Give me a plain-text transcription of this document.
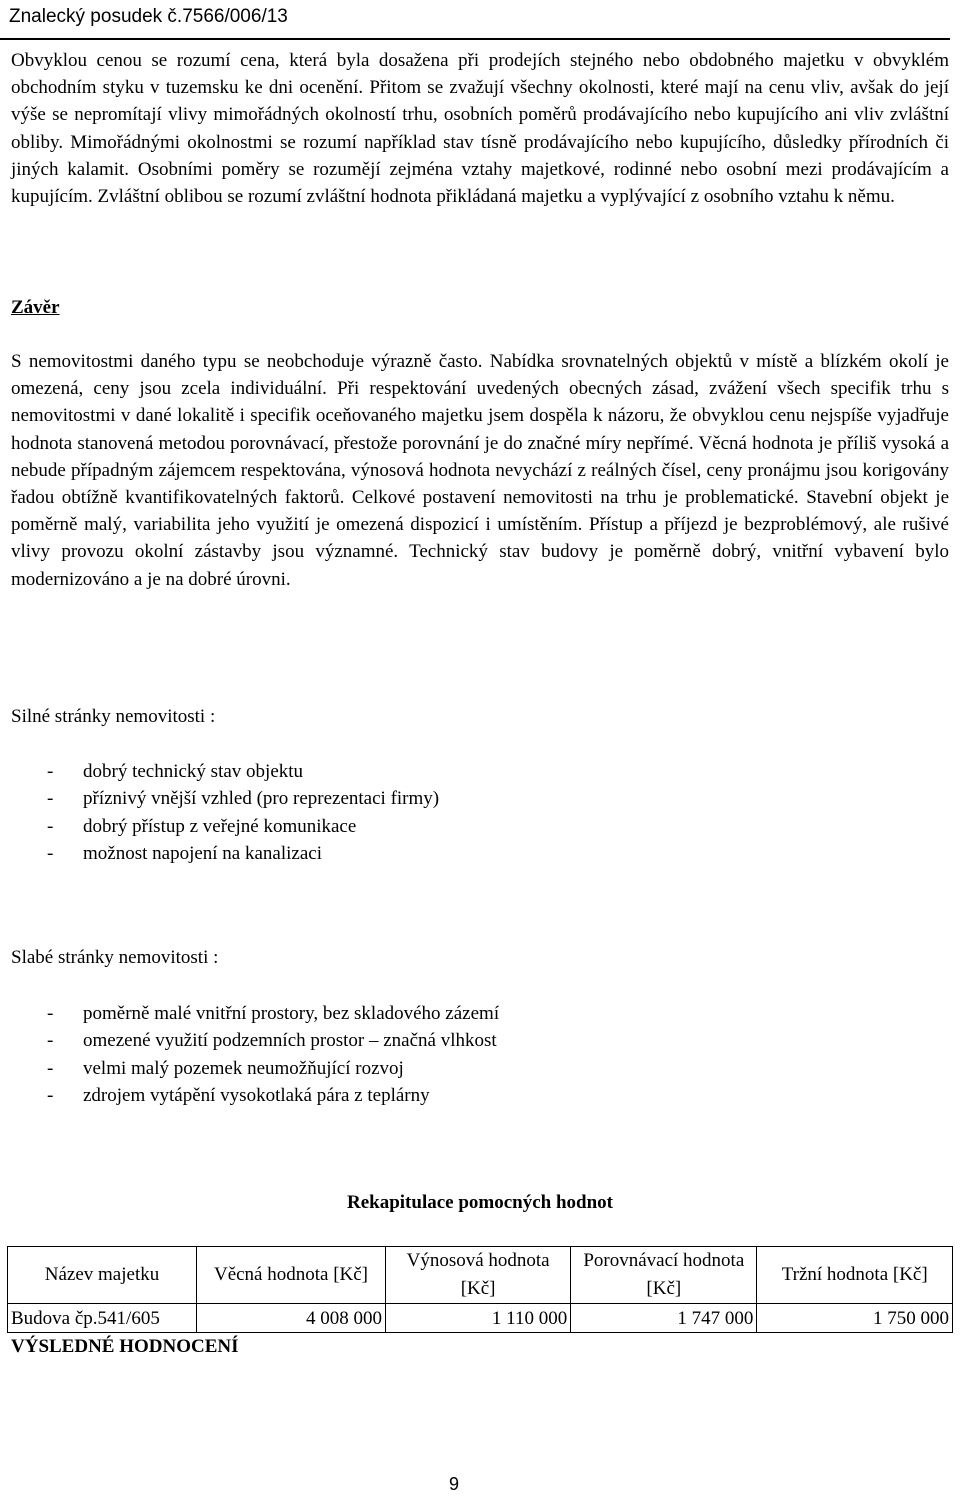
Znalecký posudek č.7566/006/13

Obvyklou cenou se rozumí cena, která byla dosažena při prodejích stejného nebo obdobného majetku v obvyklém obchodním styku v tuzemsku ke dni ocenění. Přitom se zvažují všechny okolnosti, které mají na cenu vliv, avšak do její výše se nepromítají vlivy mimořádných okolností trhu, osobních poměrů prodávajícího nebo kupujícího ani vliv zvláštní obliby. Mimořádnými okolnostmi se rozumí například stav tísně prodávajícího nebo kupujícího, důsledky přírodních či jiných kalamit. Osobními poměry se rozumějí zejména vztahy majetkové, rodinné nebo osobní mezi prodávajícím a kupujícím. Zvláštní oblibou se rozumí zvláštní hodnota přikládaná majetku a vyplývající z osobního vztahu k němu.

Závěr

S nemovitostmi daného typu se neobchoduje výrazně často. Nabídka srovnatelných objektů v místě a blízkém okolí je omezená, ceny jsou zcela individuální. Při respektování uvedených obecných zásad, zvážení všech specifik trhu s nemovitostmi v dané lokalitě i specifik oceňovaného majetku jsem dospěla k názoru, že obvyklou cenu nejspíše vyjadřuje hodnota stanovená metodou porovnávací, přestože porovnání je do značné míry nepřímé. Věcná hodnota je příliš vysoká a nebude případným zájemcem respektována, výnosová hodnota nevychází z reálných čísel, ceny pronájmu jsou korigovány řadou obtížně kvantifikovatelných faktorů. Celkové postavení nemovitosti na trhu je problematické. Stavební objekt je poměrně malý, variabilita jeho využití je omezená dispozicí i umístěním. Přístup a příjezd je bezproblémový, ale rušivé vlivy provozu okolní zástavby jsou významné. Technický stav budovy je poměrně dobrý, vnitřní vybavení bylo modernizováno a je na dobré úrovni.

Silné stránky nemovitosti :

- dobrý technický stav objektu
- příznivý vnější vzhled (pro reprezentaci firmy)
- dobrý přístup z veřejné komunikace
- možnost napojení na kanalizaci

Slabé stránky nemovitosti :

- poměrně malé vnitřní prostory, bez skladového zázemí
- omezené využití podzemních prostor – značná vlhkost
- velmi malý pozemek neumožňující rozvoj
- zdrojem vytápění vysokotlaká pára z teplárny

Rekapitulace pomocných hodnot

Název majetku	Věcná hodnota [Kč]	Výnosová hodnota [Kč]	Porovnávací hodnota [Kč]	Tržní hodnota [Kč]
Budova čp.541/605	4 008 000	1 110 000	1 747 000	1 750 000

VÝSLEDNÉ HODNOCENÍ

9
